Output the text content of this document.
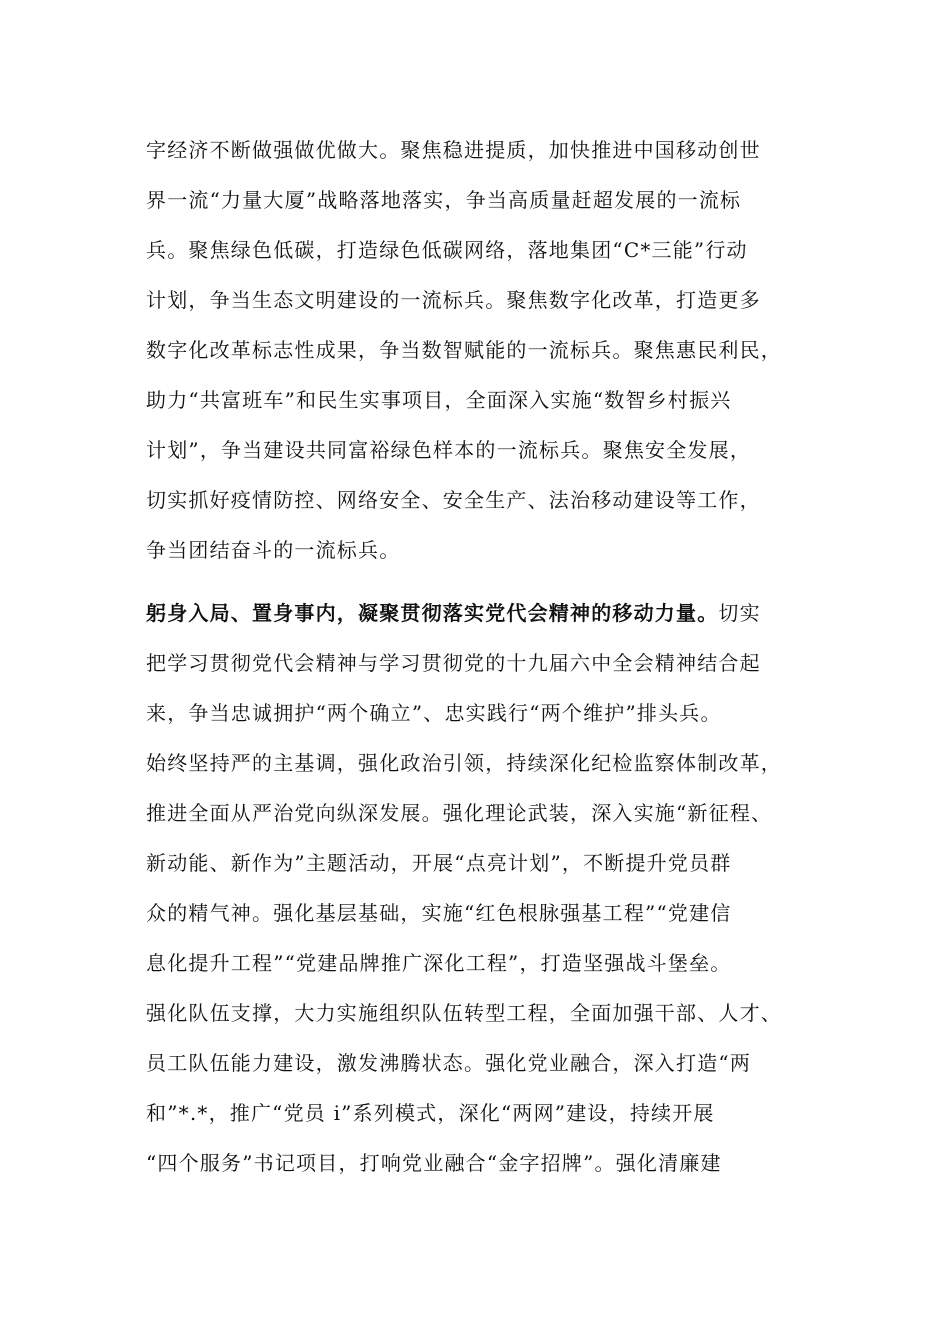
字经济不断做强做优做大。聚焦稳进提质，加快推进中国移动创世
界一流“力量大厦”战略落地落实，争当高质量赶超发展的一流标
兵。聚焦绿色低碳，打造绿色低碳网络，落地集团“C*三能”行动
计划，争当生态文明建设的一流标兵。聚焦数字化改革，打造更多
数字化改革标志性成果，争当数智赋能的一流标兵。聚焦惠民利民，
助力“共富班车”和民生实事项目，全面深入实施“数智乡村振兴
计划”，争当建设共同富裕绿色样本的一流标兵。聚焦安全发展，
切实抓好疫情防控、网络安全、安全生产、法治移动建设等工作，
争当团结奋斗的一流标兵。
躬身入局、置身事内，凝聚贯彻落实党代会精神的移动力量。切实
把学习贯彻党代会精神与学习贯彻党的十九届六中全会精神结合起
来，争当忠诚拥护“两个确立”、忠实践行“两个维护”排头兵。
始终坚持严的主基调，强化政治引领，持续深化纪检监察体制改革，
推进全面从严治党向纵深发展。强化理论武装，深入实施“新征程、
新动能、新作为”主题活动，开展“点亮计划”，不断提升党员群
众的精气神。强化基层基础，实施“红色根脉强基工程”“党建信
息化提升工程”“党建品牌推广深化工程”，打造坚强战斗堡垒。
强化队伍支撑，大力实施组织队伍转型工程，全面加强干部、人才、
员工队伍能力建设，激发沸腾状态。强化党业融合，深入打造“两
和”*.*，推广“党员 i”系列模式，深化“两网”建设，持续开展
“四个服务”书记项目，打响党业融合“金字招牌”。强化清廉建
